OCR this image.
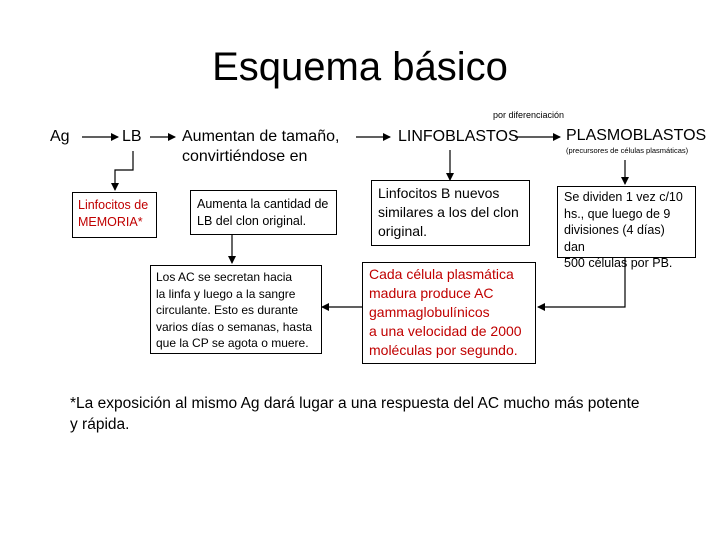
Esquema básico
por diferenciación
Ag	LB	Aumentan de tamaño,
convirtiéndose en
LINFOBLASTOS	PLASMOBLASTOS
(precursores de células plasmáticas)
Linfocitos de
MEMORIA*
Aumenta la cantidad de
LB del clon original.
Linfocitos B nuevos
similares a los del clon
original.
Se dividen 1 vez c/10
hs., que luego de 9
divisiones (4 días) dan
500 células por PB.
Los AC se secretan hacia
la linfa y luego a la sangre
circulante. Esto es durante
varios días o semanas, hasta
que la CP se agota o muere.
Cada célula plasmática
madura produce AC
gammaglobulínicos
a una velocidad de 2000
moléculas por segundo.
*La exposición al mismo Ag dará lugar a una respuesta del AC mucho más potente
y rápida.
